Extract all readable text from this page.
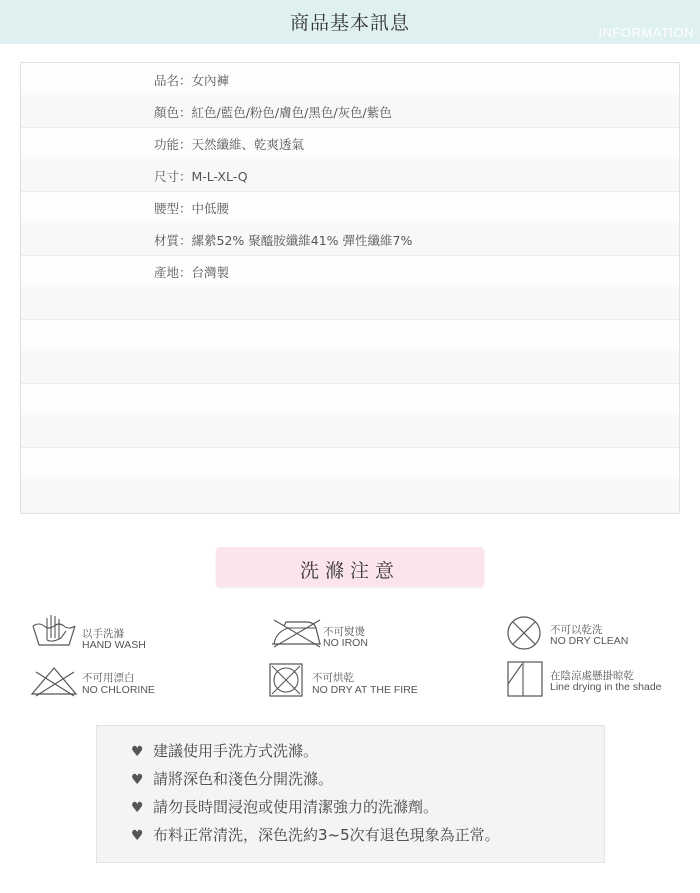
商品基本訊息	INFORMATION
品名：女內褲
顏色：紅色/藍色/粉色/膚色/黑色/灰色/紫色
功能：天然纖維、乾爽透氣
尺寸：M-L-XL-Q
腰型：中低腰
材質：縲縈52% 聚醯胺纖維41% 彈性纖維7%
產地：台灣製
洗滌注意
以手洗滌
HAND WASH
不可熨燙
NO IRON
不可以乾洗
NO DRY CLEAN
不可用漂白
NO CHLORINE
不可烘乾
NO DRY AT THE FIRE
在陰涼處懸掛晾乾
Line drying in the shade
♥ 建議使用手洗方式洗滌。
♥ 請將深色和淺色分開洗滌。
♥ 請勿長時間浸泡或使用清潔強力的洗滌劑。
♥ 布料正常清洗，深色洗約3~5次有退色現象為正常。
